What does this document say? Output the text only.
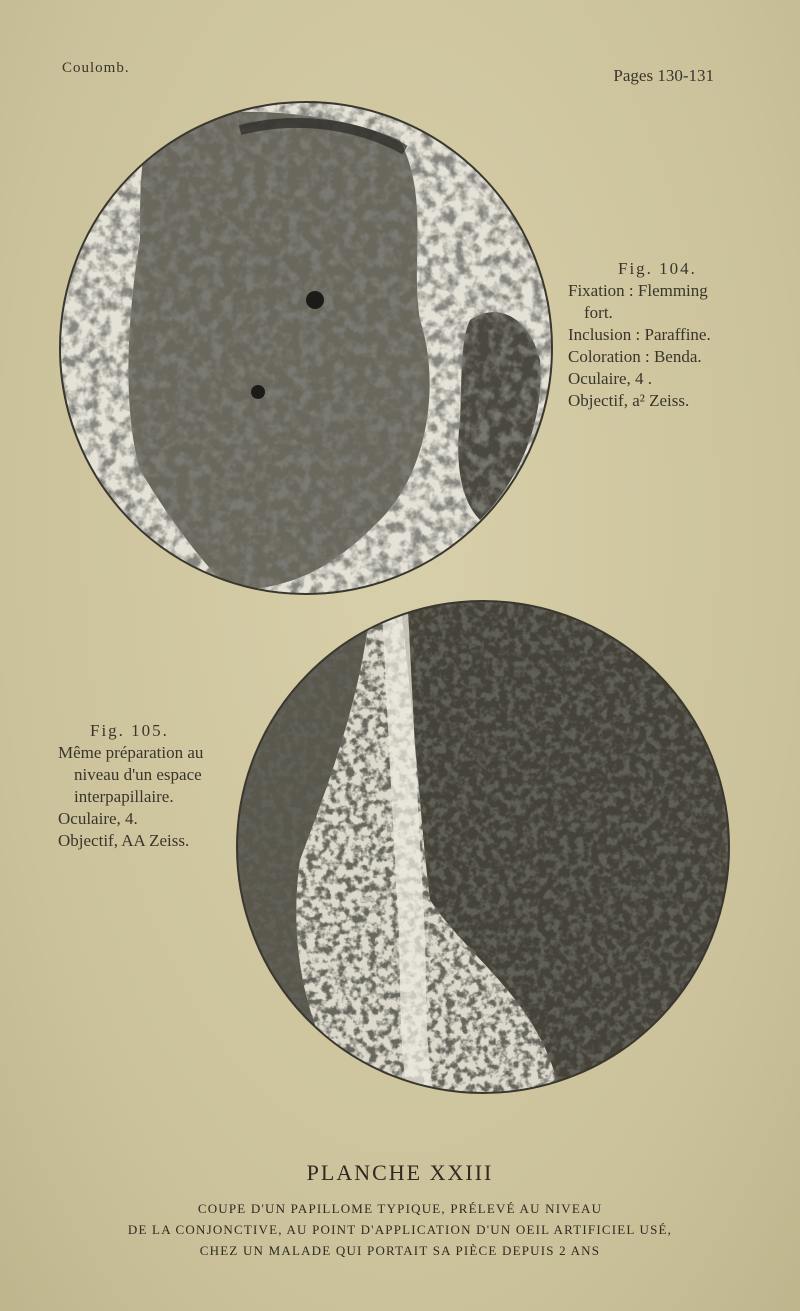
Coulomb.	Pages 130-131
Fig. 104.
Fixation : Flemming
fort.
Inclusion : Paraffine.
Coloration : Benda.
Oculaire, 4 .
Objectif, a² Zeiss.
Fig. 105.
Même préparation au
niveau d'un espace
interpapillaire.
Oculaire, 4.
Objectif, AA Zeiss.
PLANCHE XXIII
COUPE D'UN PAPILLOME TYPIQUE, PRÉLEVÉ AU NIVEAU
DE LA CONJONCTIVE, AU POINT D'APPLICATION D'UN OEIL ARTIFICIEL USÉ,
CHEZ UN MALADE QUI PORTAIT SA PIÈCE DEPUIS 2 ANS
